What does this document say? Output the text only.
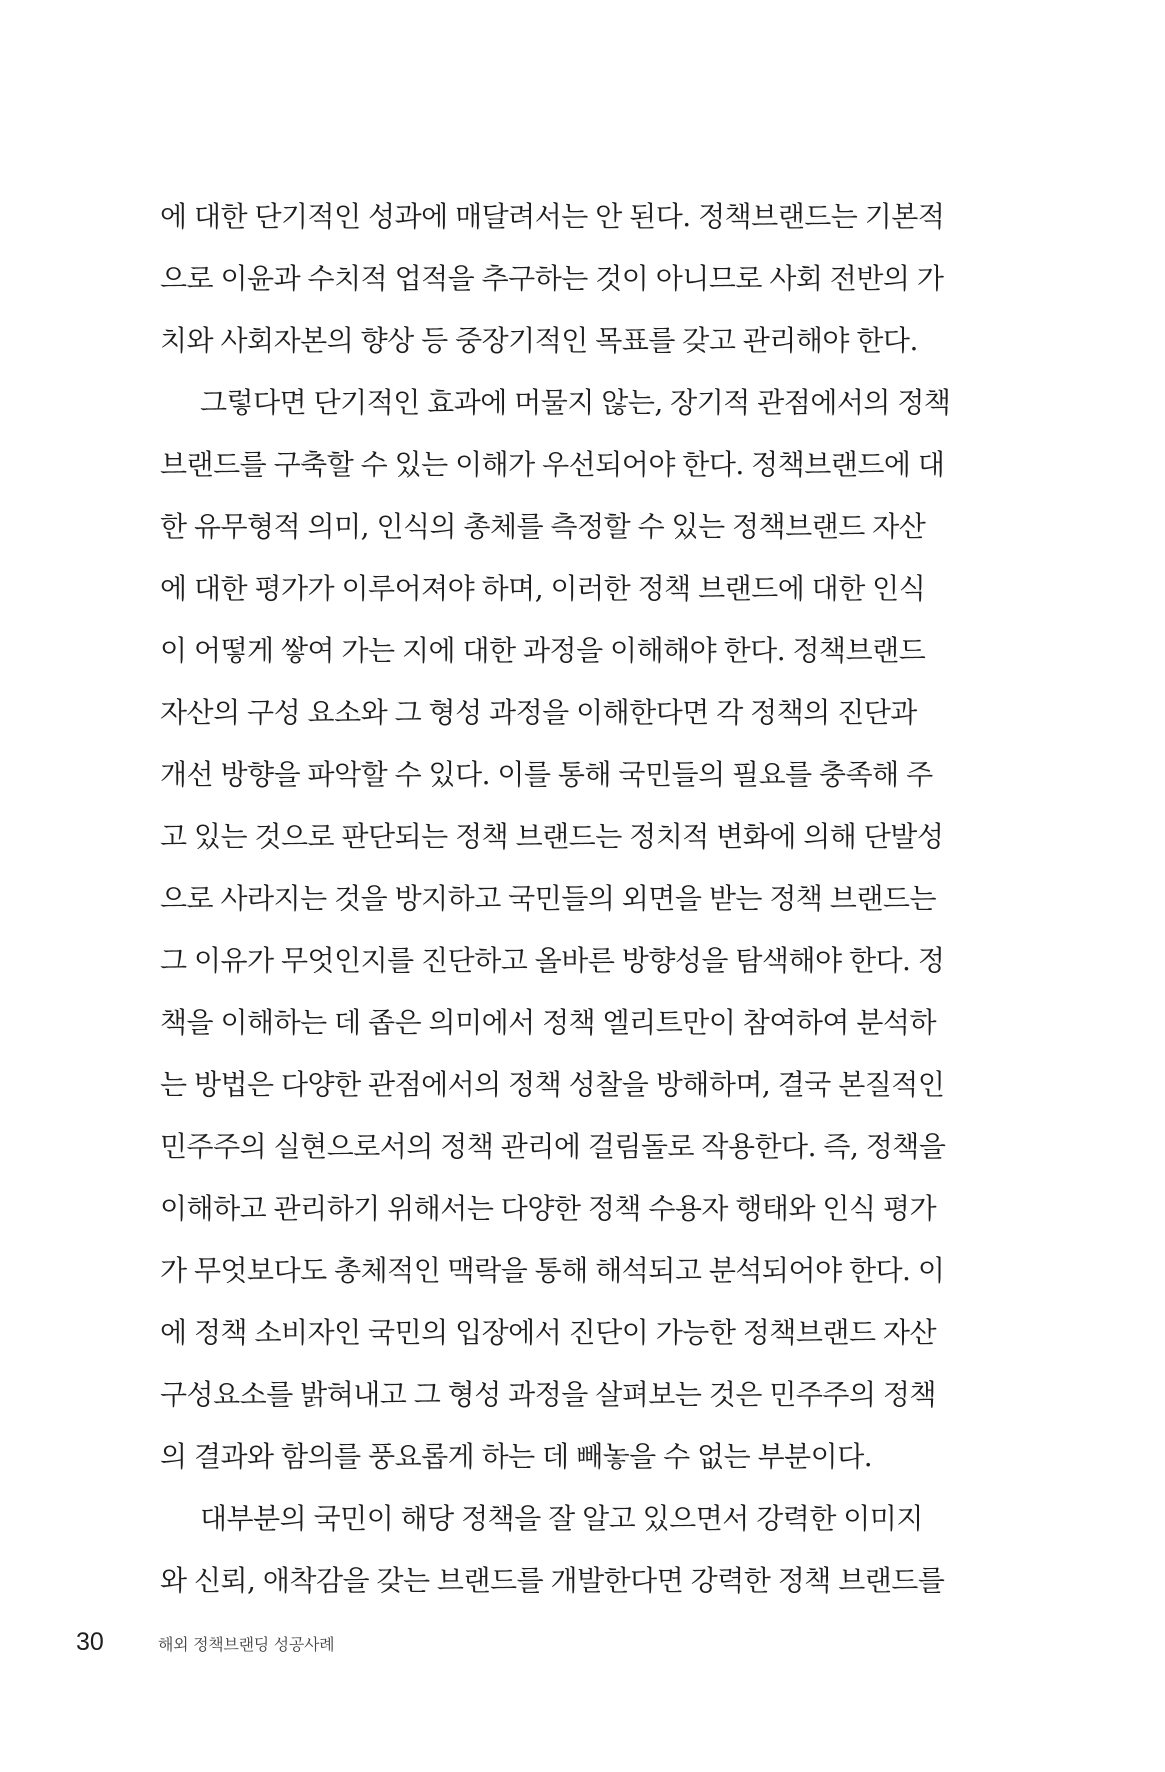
에 대한 단기적인 성과에 매달려서는 안 된다. 정책브랜드는 기본적
으로 이윤과 수치적 업적을 추구하는 것이 아니므로 사회 전반의 가
치와 사회자본의 향상 등 중장기적인 목표를 갖고 관리해야 한다.
그렇다면 단기적인 효과에 머물지 않는, 장기적 관점에서의 정책
브랜드를 구축할 수 있는 이해가 우선되어야 한다. 정책브랜드에 대
한 유무형적 의미, 인식의 총체를 측정할 수 있는 정책브랜드 자산
에 대한 평가가 이루어져야 하며, 이러한 정책 브랜드에 대한 인식
이 어떻게 쌓여 가는 지에 대한 과정을 이해해야 한다. 정책브랜드
자산의 구성 요소와 그 형성 과정을 이해한다면 각 정책의 진단과
개선 방향을 파악할 수 있다. 이를 통해 국민들의 필요를 충족해 주
고 있는 것으로 판단되는 정책 브랜드는 정치적 변화에 의해 단발성
으로 사라지는 것을 방지하고 국민들의 외면을 받는 정책 브랜드는
그 이유가 무엇인지를 진단하고 올바른 방향성을 탐색해야 한다. 정
책을 이해하는 데 좁은 의미에서 정책 엘리트만이 참여하여 분석하
는 방법은 다양한 관점에서의 정책 성찰을 방해하며, 결국 본질적인
민주주의 실현으로서의 정책 관리에 걸림돌로 작용한다. 즉, 정책을
이해하고 관리하기 위해서는 다양한 정책 수용자 행태와 인식 평가
가 무엇보다도 총체적인 맥락을 통해 해석되고 분석되어야 한다. 이
에 정책 소비자인 국민의 입장에서 진단이 가능한 정책브랜드 자산
구성요소를 밝혀내고 그 형성 과정을 살펴보는 것은 민주주의 정책
의 결과와 함의를 풍요롭게 하는 데 빼놓을 수 없는 부분이다.
대부분의 국민이 해당 정책을 잘 알고 있으면서 강력한 이미지
와 신뢰, 애착감을 갖는 브랜드를 개발한다면 강력한 정책 브랜드를
30	해외 정책브랜딩 성공사례
